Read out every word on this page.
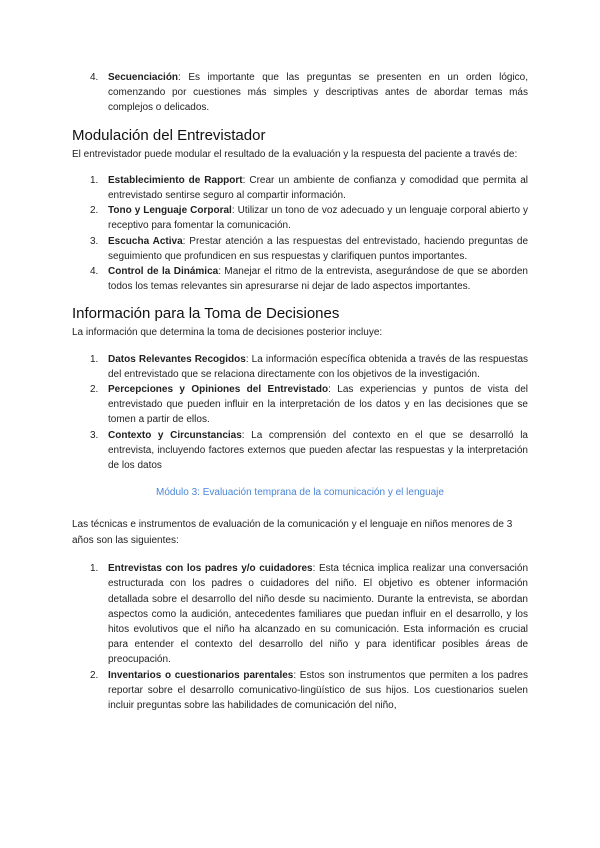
4. Secuenciación: Es importante que las preguntas se presenten en un orden lógico, comenzando por cuestiones más simples y descriptivas antes de abordar temas más complejos o delicados.
Modulación del Entrevistador

El entrevistador puede modular el resultado de la evaluación y la respuesta del paciente a través de:

1. Establecimiento de Rapport: Crear un ambiente de confianza y comodidad que permita al entrevistado sentirse seguro al compartir información.
2. Tono y Lenguaje Corporal: Utilizar un tono de voz adecuado y un lenguaje corporal abierto y receptivo para fomentar la comunicación.
3. Escucha Activa: Prestar atención a las respuestas del entrevistado, haciendo preguntas de seguimiento que profundicen en sus respuestas y clarifiquen puntos importantes.
4. Control de la Dinámica: Manejar el ritmo de la entrevista, asegurándose de que se aborden todos los temas relevantes sin apresurarse ni dejar de lado aspectos importantes.
Información para la Toma de Decisiones

La información que determina la toma de decisiones posterior incluye:

1. Datos Relevantes Recogidos: La información específica obtenida a través de las respuestas del entrevistado que se relaciona directamente con los objetivos de la investigación.
2. Percepciones y Opiniones del Entrevistado: Las experiencias y puntos de vista del entrevistado que pueden influir en la interpretación de los datos y en las decisiones que se tomen a partir de ellos.
3. Contexto y Circunstancias: La comprensión del contexto en el que se desarrolló la entrevista, incluyendo factores externos que pueden afectar las respuestas y la interpretación de los datos

Módulo 3: Evaluación temprana de la comunicación y el lenguaje

Las técnicas e instrumentos de evaluación de la comunicación y el lenguaje en niños menores de 3 años son las siguientes:

1. Entrevistas con los padres y/o cuidadores: Esta técnica implica realizar una conversación estructurada con los padres o cuidadores del niño. El objetivo es obtener información detallada sobre el desarrollo del niño desde su nacimiento. Durante la entrevista, se abordan aspectos como la audición, antecedentes familiares que puedan influir en el desarrollo, y los hitos evolutivos que el niño ha alcanzado en su comunicación. Esta información es crucial para entender el contexto del desarrollo del niño y para identificar posibles áreas de preocupación.
2. Inventarios o cuestionarios parentales: Estos son instrumentos que permiten a los padres reportar sobre el desarrollo comunicativo-lingüístico de sus hijos. Los cuestionarios suelen incluir preguntas sobre las habilidades de comunicación del niño,
